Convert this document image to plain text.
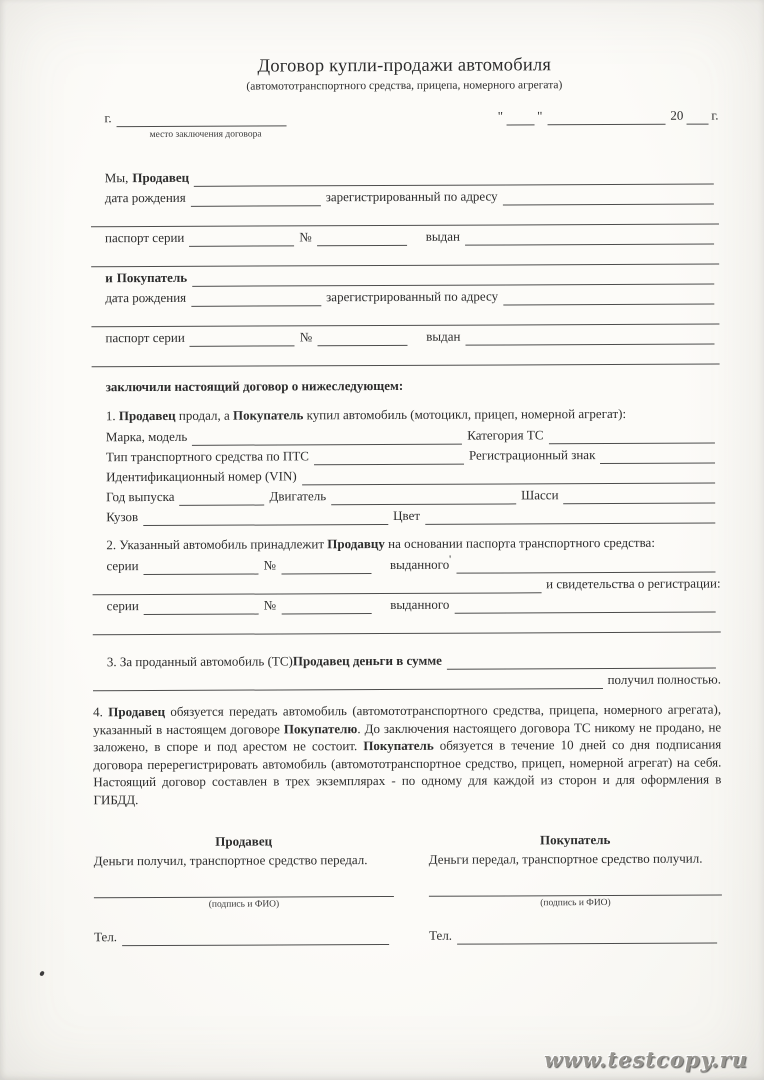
Договор купли-продажи автомобиля
(автомототранспортного средства, прицепа, номерного агрегата)
г.	"	"	20 г.
место заключения договора
Мы, Продавец
дата рождения	зарегистрированный по адресу
паспорт серии	№	выдан
и Покупатель
дата рождения	зарегистрированный по адресу
паспорт серии	№	выдан
заключили настоящий договор о нижеследующем:
1. Продавец продал, а Покупатель купил автомобиль (мотоцикл, прицеп, номерной агрегат):
Марка, модель	Категория ТС
Тип транспортного средства по ПТС	Регистрационный знак
Идентификационный номер (VIN)
Год выпуска	Двигатель	Шасси
Кузов	Цвет
2. Указанный автомобиль принадлежит Продавцу на основании паспорта транспортного средства:
серии	№	выданного '
и свидетельства о регистрации:
серии	№	выданного
3. За проданный автомобиль (ТС) Продавец деньги в сумме
получил полностью.

4. Продавец обязуется передать автомобиль (автомототранспортного средства, прицепа, номерного агрегата), указанный в настоящем договоре Покупателю. До заключения настоящего договора ТС никому не продано, не заложено, в споре и под арестом не состоит. Покупатель обязуется в течение 10 дней со дня подписания договора перерегистрировать автомобиль (автомототранспортное средство, прицеп, номерной агрегат) на себя. Настоящий договор составлен в трех экземплярах - по одному для каждой из сторон и для оформления в ГИБДД.

Продавец
Деньги получил, транспортное средство передал.
(подпись и ФИО)
Тел.
Покупатель
Деньги передал, транспортное средство получил.
(подпись и ФИО)
Тел.
www.testcopy.ru
